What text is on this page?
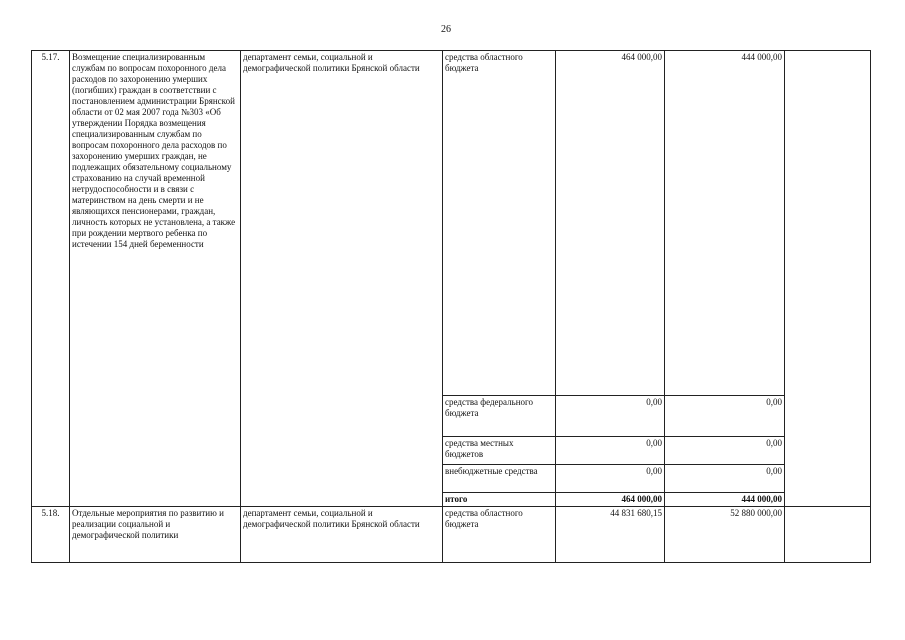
26
5.17.	Возмещение специализированным службам по вопросам похоронного дела расходов по захоронению умерших (погибших) граждан в соответствии с постановлением администрации Брянской области от 02 мая 2007 года №303 «Об утверждении Порядка возмещения специализированным службам по вопросам похоронного дела расходов по захоронению умерших граждан, не подлежащих обязательному социальному страхованию на случай временной нетрудоспособности и в связи с материнством на день смерти и не являющихся пенсионерами, граждан, личность которых не установлена, а также при рождении мертвого ребенка по истечении 154 дней беременности	департамент семьи, социальной и демографической политики Брянской области	средства областного бюджета	464 000,00	444 000,00	
			средства федерального бюджета	0,00	0,00	
			средства местных бюджетов	0,00	0,00	
			внебюджетные средства	0,00	0,00	
			итого	464 000,00	444 000,00	
5.18.	Отдельные мероприятия по развитию и реализации социальной и демографической политики	департамент семьи, социальной и демографической политики Брянской области	средства областного бюджета	44 831 680,15	52 880 000,00	
